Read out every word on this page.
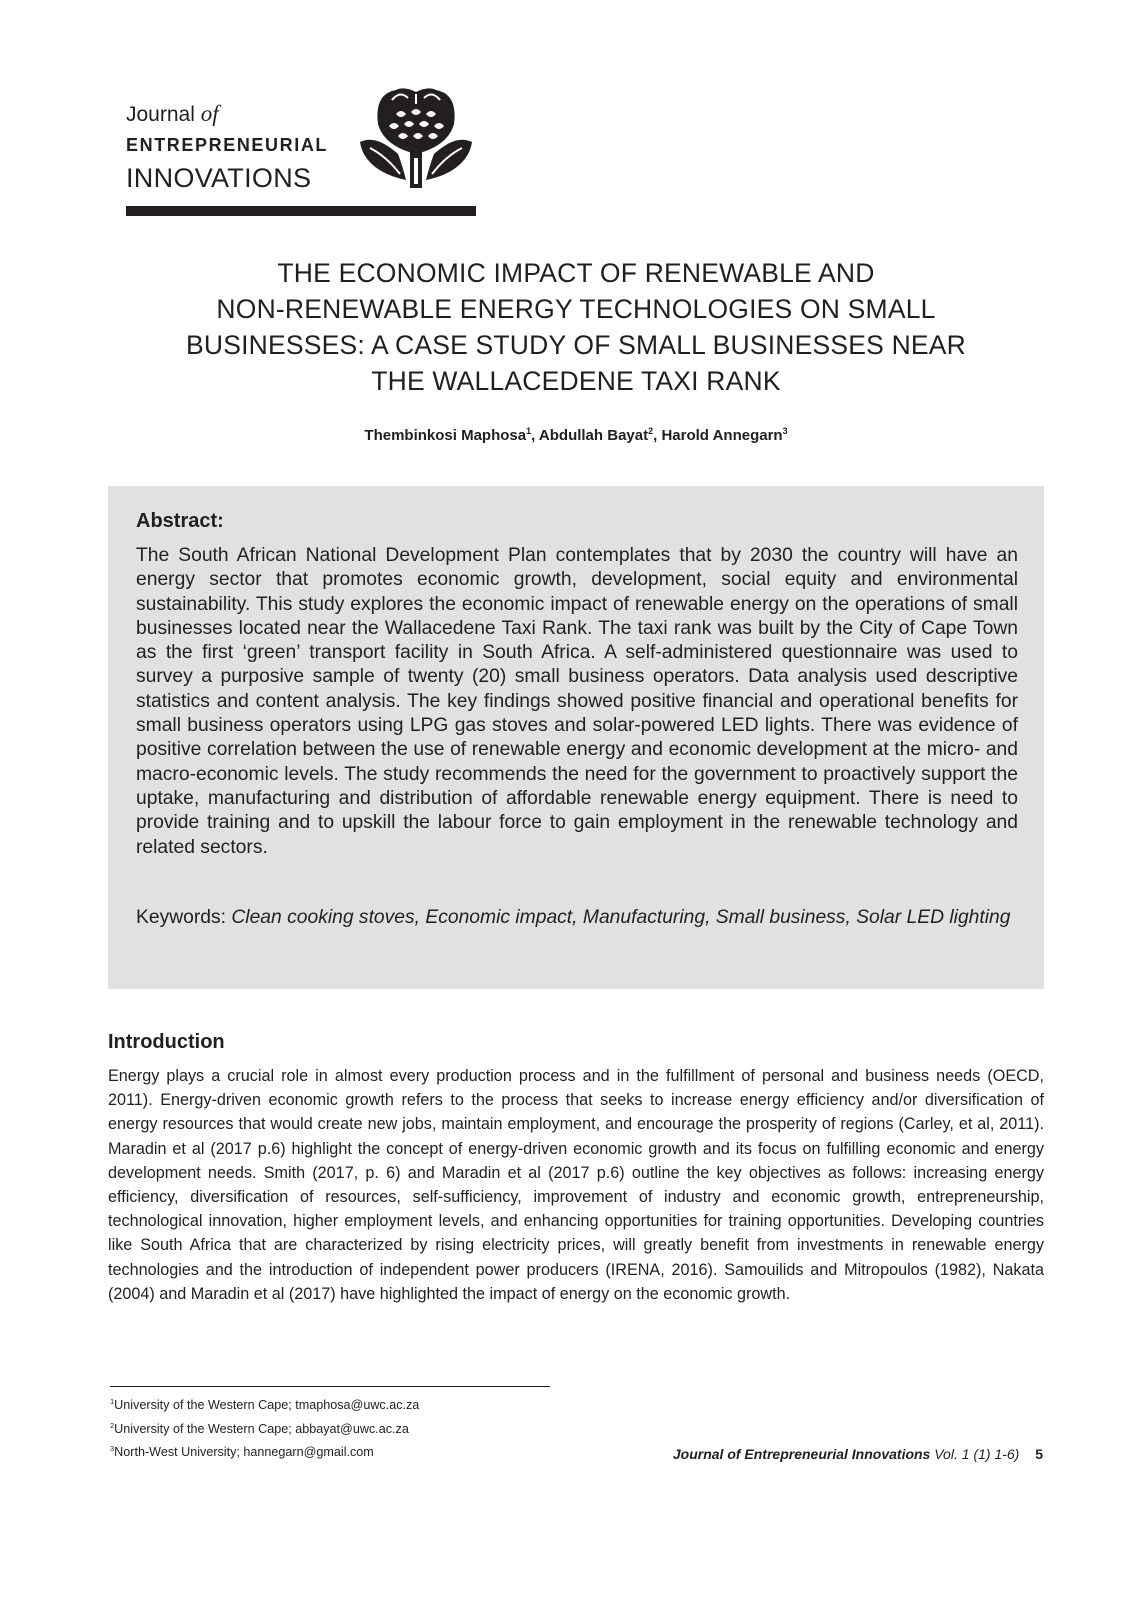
Journal of
ENTREPRENEURIAL
INNOVATIONS
THE ECONOMIC IMPACT OF RENEWABLE AND
NON-RENEWABLE ENERGY TECHNOLOGIES ON SMALL
BUSINESSES: A CASE STUDY OF SMALL BUSINESSES NEAR
THE WALLACEDENE TAXI RANK
Thembinkosi Maphosa$^1$, Abdullah Bayat$^2$, Harold Annegarn$^3$
Abstract:

The South African National Development Plan contemplates that by 2030 the country will have an energy sector that promotes economic growth, development, social equity and environmental sustainability. This study explores the economic impact of renewable energy on the operations of small businesses located near the Wallacedene Taxi Rank. The taxi rank was built by the City of Cape Town as the first ‘green’ transport facility in South Africa. A self-administered questionnaire was used to survey a purposive sample of twenty (20) small business operators. Data analysis used descriptive statistics and content analysis. The key findings showed positive financial and operational benefits for small business operators using LPG gas stoves and solar-powered LED lights. There was evidence of positive correlation between the use of renewable energy and economic development at the micro- and macro-economic levels. The study recommends the need for the government to proactively support the uptake, manufacturing and distribution of affordable renewable energy equipment. There is need to provide training and to upskill the labour force to gain employment in the renewable technology and related sectors.

Keywords: Clean cooking stoves, Economic impact, Manufacturing, Small business, Solar LED lighting

Introduction

Energy plays a crucial role in almost every production process and in the fulfillment of personal and business needs (OECD, 2011). Energy-driven economic growth refers to the process that seeks to increase energy efficiency and/or diversification of energy resources that would create new jobs, maintain employment, and encourage the prosperity of regions (Carley, et al, 2011). Maradin et al (2017 p.6) highlight the concept of energy-driven economic growth and its focus on fulfilling economic and energy development needs. Smith (2017, p. 6) and Maradin et al (2017 p.6) outline the key objectives as follows: increasing energy efficiency, diversification of resources, self-sufficiency, improvement of industry and economic growth, entrepreneurship, technological innovation, higher employment levels, and enhancing opportunities for training opportunities. Developing countries like South Africa that are characterized by rising electricity prices, will greatly benefit from investments in renewable energy technologies and the introduction of independent power producers (IRENA, 2016). Samouilids and Mitropoulos (1982), Nakata (2004) and Maradin et al (2017) have highlighted the impact of energy on the economic growth.

$^1$University of the Western Cape; tmaphosa@uwc.ac.za
$^2$University of the Western Cape; abbayat@uwc.ac.za
$^3$North-West University; hannegarn@gmail.com	Journal of Entrepreneurial Innovations Vol. 1 (1) 1-6) 5
